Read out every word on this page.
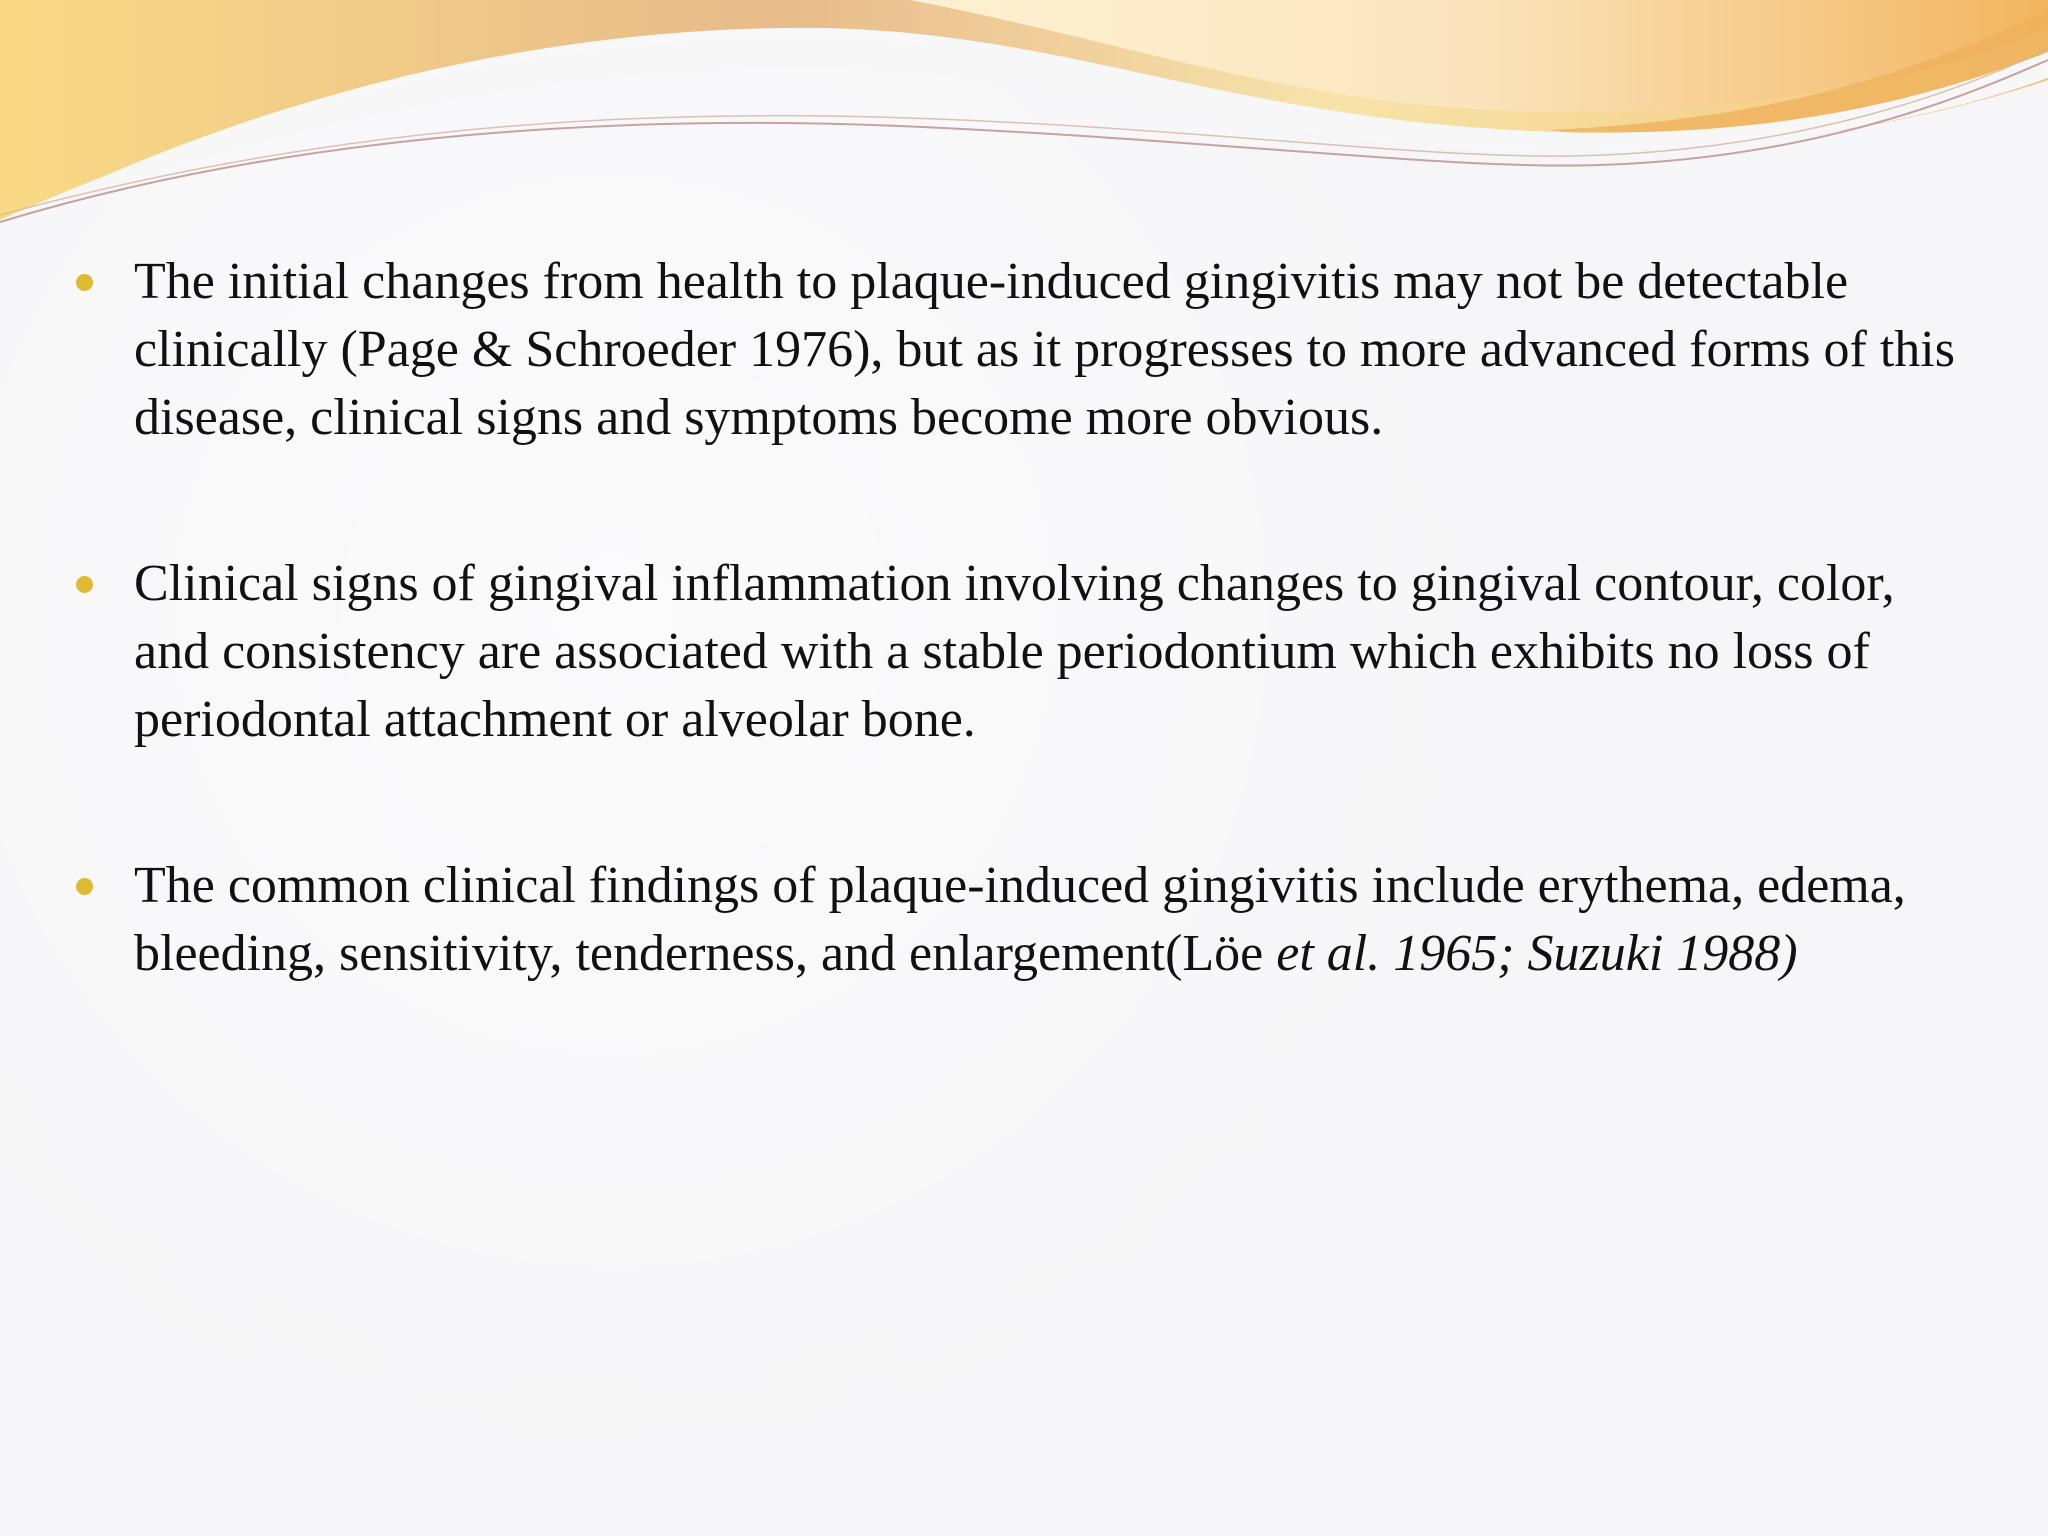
The initial changes from health to plaque-induced gingivitis may not be detectable clinically (Page & Schroeder 1976), but as it progresses to more advanced forms of this disease, clinical signs and symptoms become more obvious.
Clinical signs of gingival inflammation involving changes to gingival contour, color, and consistency are associated with a stable periodontium which exhibits no loss of periodontal attachment or alveolar bone.
The common clinical findings of plaque-induced gingivitis include erythema, edema, bleeding, sensitivity, tenderness, and enlargement(Löe et al. 1965; Suzuki 1988)
